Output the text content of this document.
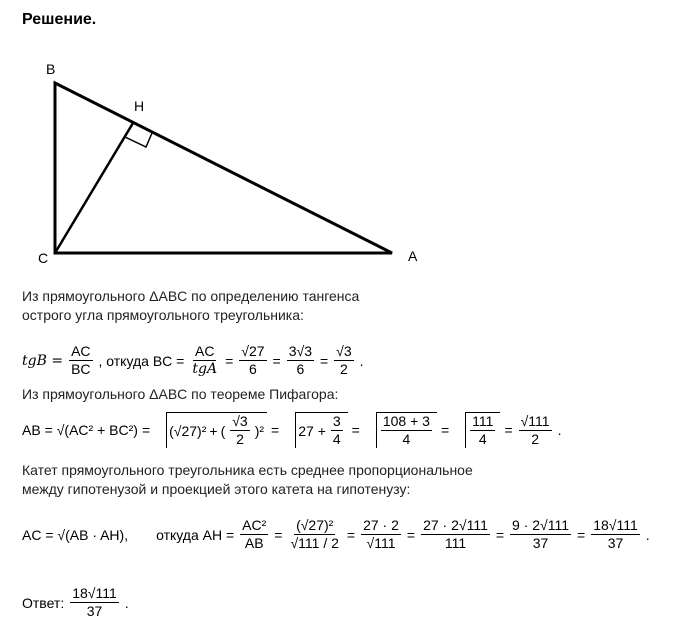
Решение.
B
H
C	A
Из прямоугольного ΔABC по определению тангенса
острого угла прямоугольного треугольника:
tgB = $\frac{AC}{BC}$ , откуда BC = $\frac{AC}{\text{tgA}} = \frac{√27}{6} = \frac{3√3}{6} = \frac{√3}{2}$ .
Из прямоугольного ΔABC по теореме Пифагора:
AB = √(AC² + BC²) = (√27)² + ( $\frac{√3}{2} )^2 = 27 + \frac{3}{4} = \frac{108 + 3}{4} = \frac{111}{4} = \frac{√111}{2}$ .
Катет прямоугольного треугольника есть среднее пропорциональное
между гипотенузой и проекцией этого катета на гипотенузу:
AC = √(AB · AH), откуда AH = $\frac{\text{AC²}}{AB} = \frac{\text{(√27)²}}{√111 / 2} = \frac{27 \cdot 2}{√111} = \frac{27 \cdot 2√111}{111} = \frac{9 \cdot 2√111}{37} = \frac{18√111}{37}$ .
Ответ: $\frac{18√111}{37}$ .
